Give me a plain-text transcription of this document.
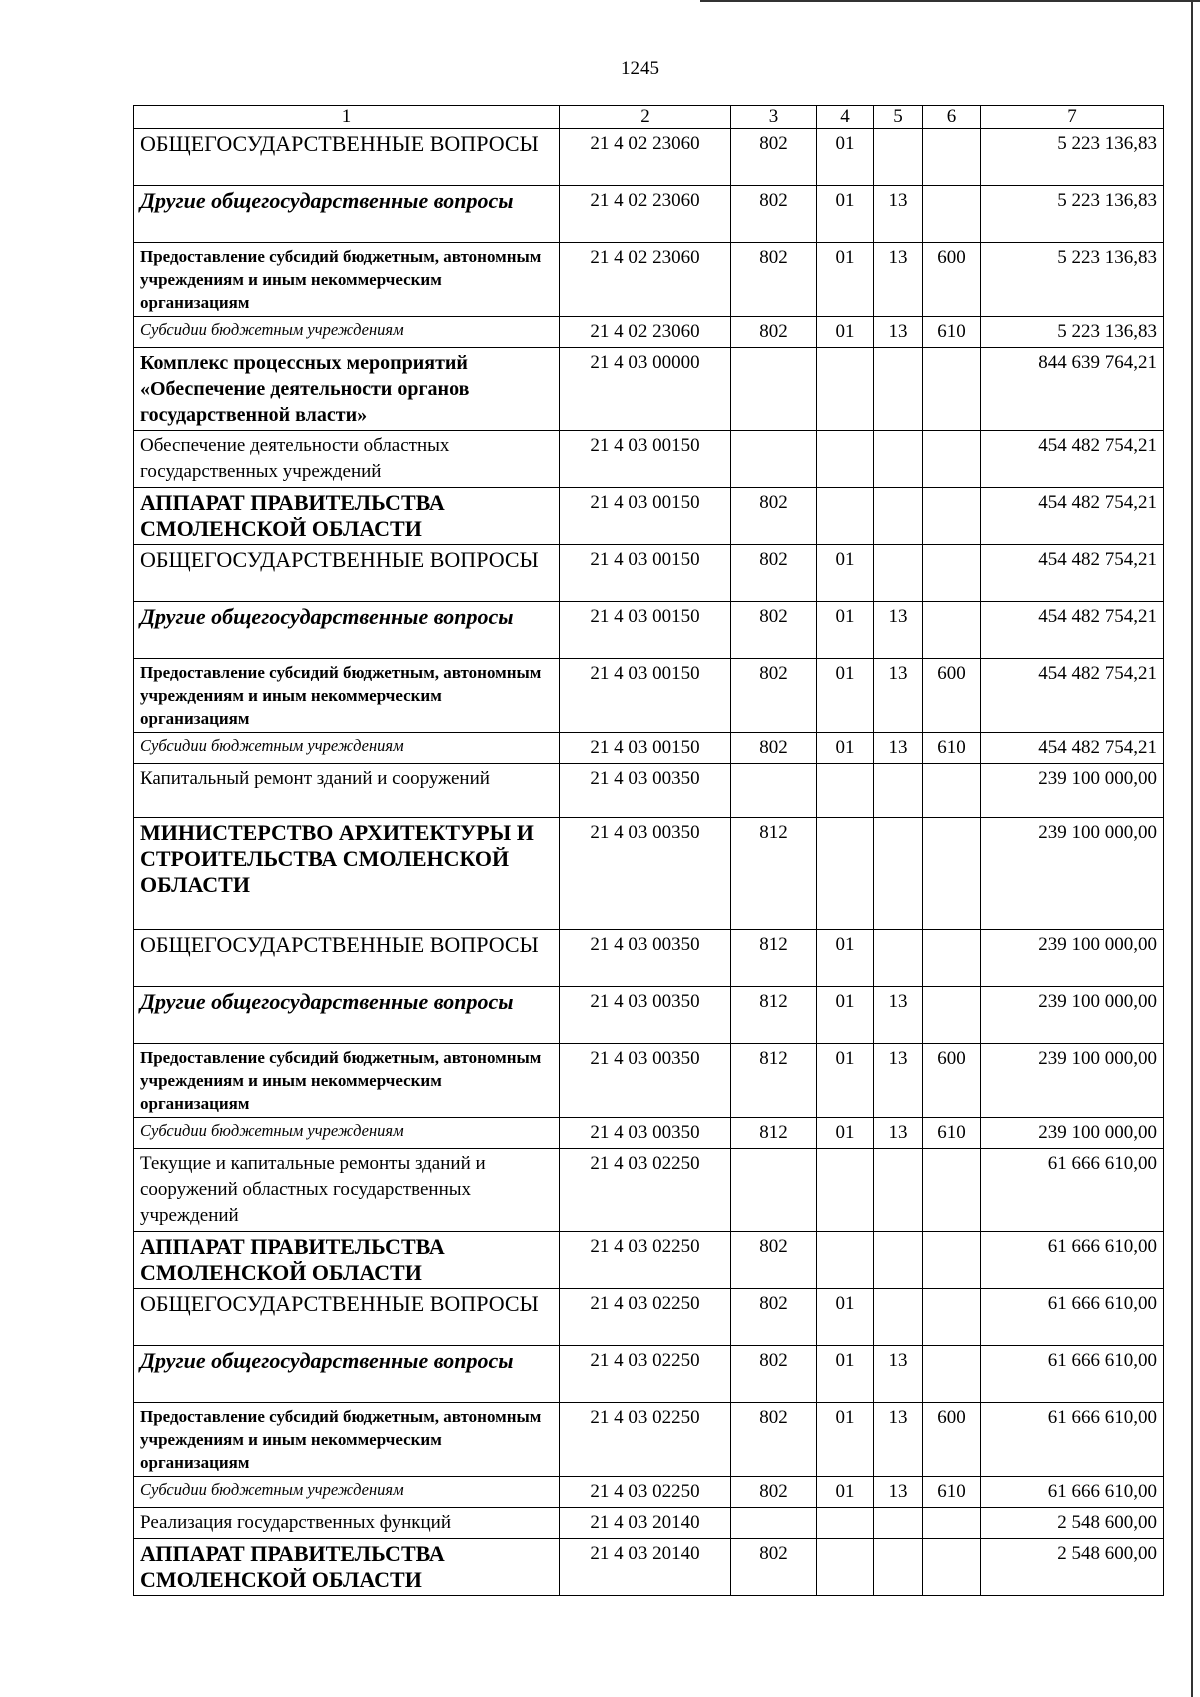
1245
1	2	3	4	5	6	7
ОБЩЕГОСУДАРСТВЕННЫЕ ВОПРОСЫ	21 4 02 23060	802	01			5 223 136,83
Другие общегосударственные вопросы	21 4 02 23060	802	01	13		5 223 136,83
Предоставление субсидий бюджетным, автономным учреждениям и иным некоммерческим организациям	21 4 02 23060	802	01	13	600	5 223 136,83
Субсидии бюджетным учреждениям	21 4 02 23060	802	01	13	610	5 223 136,83
Комплекс процессных мероприятий «Обеспечение деятельности органов государственной власти»	21 4 03 00000					844 639 764,21
Обеспечение деятельности областных государственных учреждений	21 4 03 00150					454 482 754,21
АППАРАТ ПРАВИТЕЛЬСТВА СМОЛЕНСКОЙ ОБЛАСТИ	21 4 03 00150	802				454 482 754,21
ОБЩЕГОСУДАРСТВЕННЫЕ ВОПРОСЫ	21 4 03 00150	802	01			454 482 754,21
Другие общегосударственные вопросы	21 4 03 00150	802	01	13		454 482 754,21
Предоставление субсидий бюджетным, автономным учреждениям и иным некоммерческим организациям	21 4 03 00150	802	01	13	600	454 482 754,21
Субсидии бюджетным учреждениям	21 4 03 00150	802	01	13	610	454 482 754,21
Капитальный ремонт зданий и сооружений	21 4 03 00350					239 100 000,00
МИНИСТЕРСТВО АРХИТЕКТУРЫ И СТРОИТЕЛЬСТВА СМОЛЕНСКОЙ ОБЛАСТИ	21 4 03 00350	812				239 100 000,00
ОБЩЕГОСУДАРСТВЕННЫЕ ВОПРОСЫ	21 4 03 00350	812	01			239 100 000,00
Другие общегосударственные вопросы	21 4 03 00350	812	01	13		239 100 000,00
Предоставление субсидий бюджетным, автономным учреждениям и иным некоммерческим организациям	21 4 03 00350	812	01	13	600	239 100 000,00
Субсидии бюджетным учреждениям	21 4 03 00350	812	01	13	610	239 100 000,00
Текущие и капитальные ремонты зданий и сооружений областных государственных учреждений	21 4 03 02250					61 666 610,00
АППАРАТ ПРАВИТЕЛЬСТВА СМОЛЕНСКОЙ ОБЛАСТИ	21 4 03 02250	802				61 666 610,00
ОБЩЕГОСУДАРСТВЕННЫЕ ВОПРОСЫ	21 4 03 02250	802	01			61 666 610,00
Другие общегосударственные вопросы	21 4 03 02250	802	01	13		61 666 610,00
Предоставление субсидий бюджетным, автономным учреждениям и иным некоммерческим организациям	21 4 03 02250	802	01	13	600	61 666 610,00
Субсидии бюджетным учреждениям	21 4 03 02250	802	01	13	610	61 666 610,00
Реализация государственных функций	21 4 03 20140					2 548 600,00
АППАРАТ ПРАВИТЕЛЬСТВА СМОЛЕНСКОЙ ОБЛАСТИ	21 4 03 20140	802				2 548 600,00
